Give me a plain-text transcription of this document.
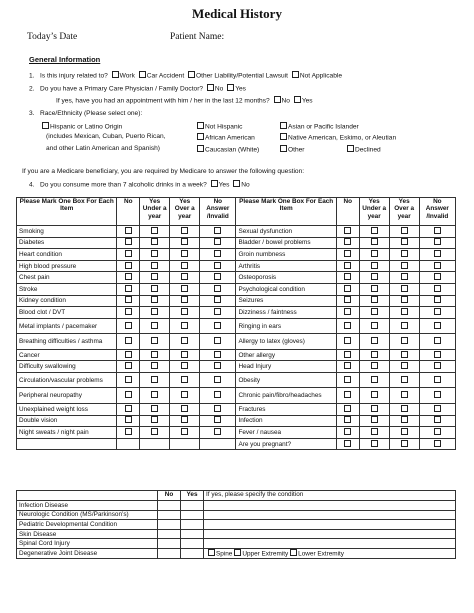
Medical History
Today’s Date	Patient Name:
General Information
1. Is this injury related to? Work Car Accident Other Liability/Potential Lawsuit Not Applicable
2. Do you have a Primary Care Physician / Family Doctor? No Yes
If yes, have you had an appointment with him / her in the last 12 months? No Yes
3. Race/Ethnicity (Please select one):
Hispanic or Latino Origin
(includes Mexican, Cuban, Puerto Rican,
and other Latin American and Spanish)
Not Hispanic
African American
Caucasian (White)
Asian or Pacific Islander
Native American, Eskimo, or Aleutian
Other	Declined
If you are a Medicare beneficiary, you are required by Medicare to answer the following question:
4. Do you consume more than 7 alcoholic drinks in a week? Yes No
Please Mark One Box For Each Item	No	Yes Under a year	Yes Over a year	No Answer /Invalid	Please Mark One Box For Each Item	No	Yes Under a year	Yes Over a year	No Answer /Invalid
Smoking					Sexual dysfunction				
Diabetes					Bladder / bowel problems				
Heart condition					Groin numbness				
High blood pressure					Arthritis				
Chest pain					Osteoporosis				
Stroke					Psychological condition				
Kidney condition					Seizures				
Blood clot / DVT					Dizziness / faintness				
Metal implants / pacemaker					Ringing in ears				
Breathing difficulties / asthma					Allergy to latex (gloves)				
Cancer					Other allergy				
Difficulty swallowing					Head Injury				
Circulation/vascular problems					Obesity				
Peripheral neuropathy					Chronic pain/fibro/headaches				
Unexplained weight loss					Fractures				
Double vision					Infection				
Night sweats / night pain					Fever / nausea				
					Are you pregnant?				
	No	Yes	If yes, please specify the condition
Infection Disease			
Neurologic Condition (MS/Parkinson’s)			
Pediatric Developmental Condition			
Skin Disease			
Spinal Cord Injury			
Degenerative Joint Disease			Spine Upper Extremity Lower Extremity
